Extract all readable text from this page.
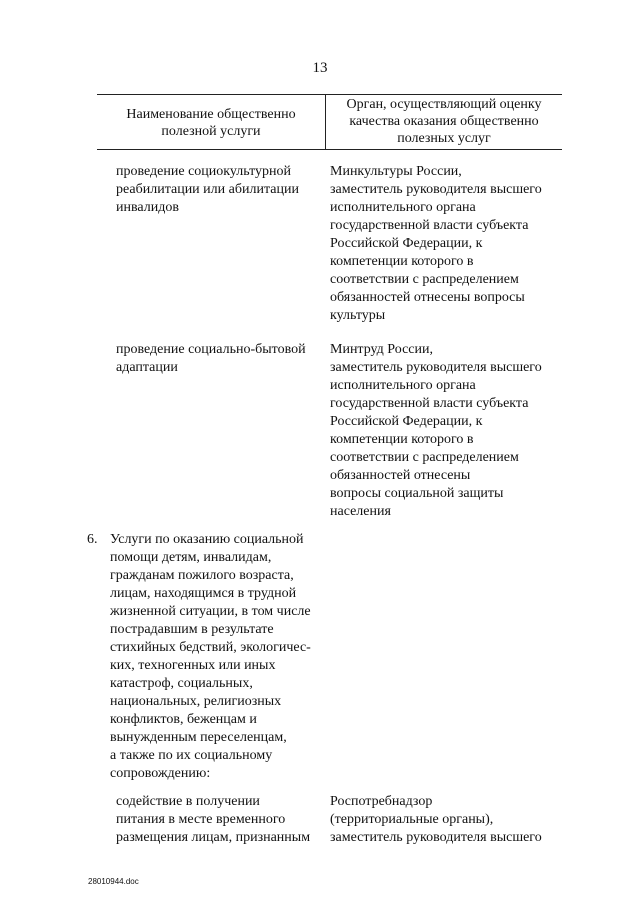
13
Наименование общественно
полезной услуги
Орган, осуществляющий оценку
качества оказания общественно
полезных услуг
проведение социокультурной
реабилитации или абилитации
инвалидов
Минкультуры России,
заместитель руководителя высшего
исполнительного органа
государственной власти субъекта
Российской Федерации, к
компетенции которого в
соответствии с распределением
обязанностей отнесены вопросы
культуры
проведение социально-бытовой
адаптации
Минтруд России,
заместитель руководителя высшего
исполнительного органа
государственной власти субъекта
Российской Федерации, к
компетенции которого в
соответствии с распределением
обязанностей отнесены
вопросы социальной защиты
населения
6. Услуги по оказанию социальной
помощи детям, инвалидам,
гражданам пожилого возраста,
лицам, находящимся в трудной
жизненной ситуации, в том числе
пострадавшим в результате
стихийных бедствий, экологичес-
ких, техногенных или иных
катастроф, социальных,
национальных, религиозных
конфликтов, беженцам и
вынужденным переселенцам,
а также по их социальному
сопровождению:
содействие в получении
питания в месте временного
размещения лицам, признанным
Роспотребнадзор
(территориальные органы),
заместитель руководителя высшего
28010944.doc
